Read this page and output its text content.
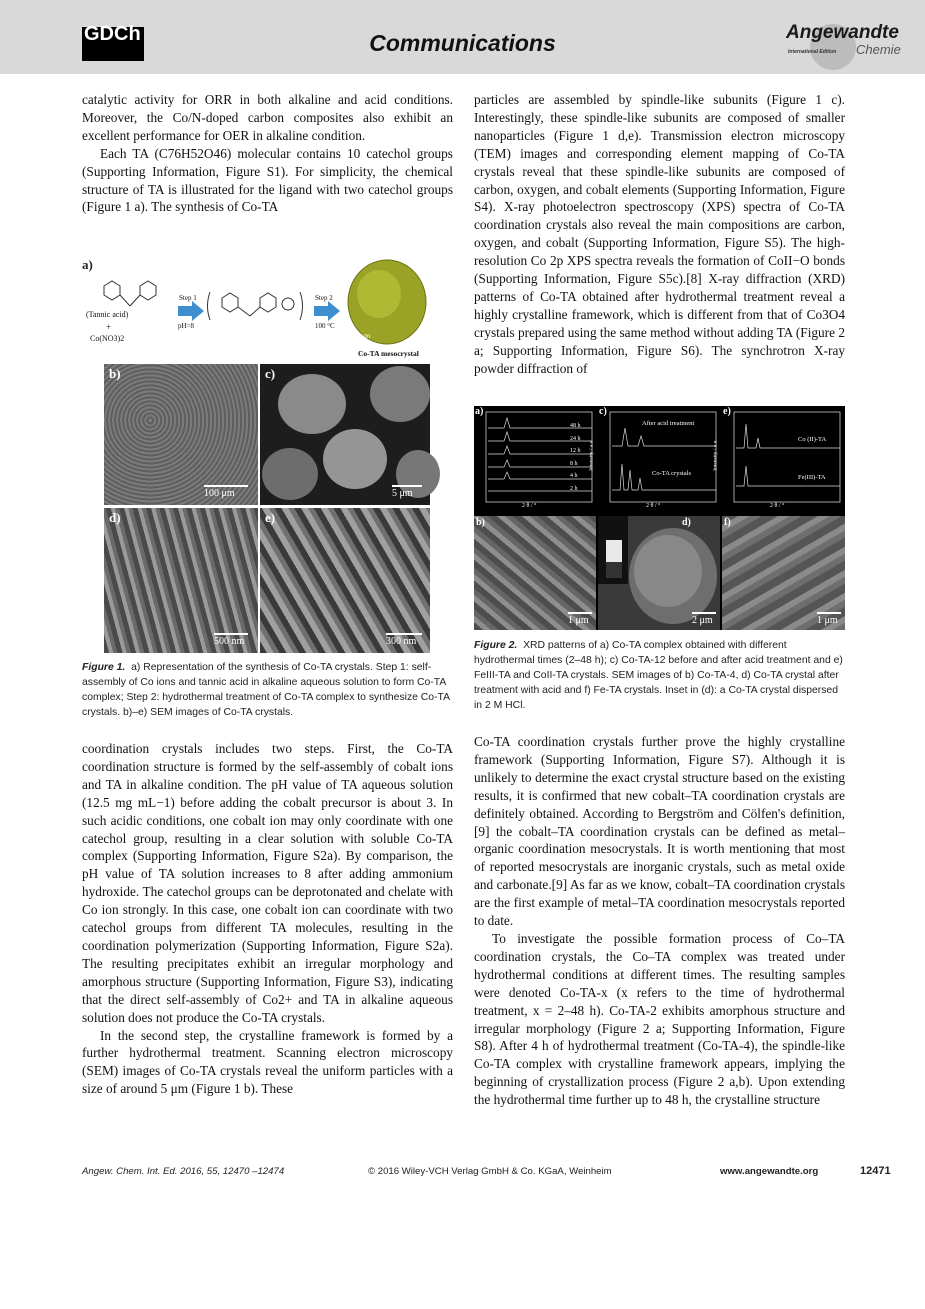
GDCh	Communications	Angewandte
International Edition Chemie

catalytic activity for ORR in both alkaline and acid conditions. Moreover, the Co/N-doped carbon composites also exhibit an excellent performance for OER in alkaline condition.

Each TA (C76H52O46) molecular contains 10 catechol groups (Supporting Information, Figure S1). For simplicity, the chemical structure of TA is illustrated for the ligand with two catechol groups (Figure 1 a). The synthesis of Co-TA

a)
(Tannic acid)
+
Co(NO3)2
Step 1
pH=8
Step 2
100 °C
1 μm
Co-TA mesocrystal
b)
100 μm
c)
5 μm
d)
500 nm
e)
300 nm
Figure 1. a) Representation of the synthesis of Co-TA crystals. Step 1: self-assembly of Co ions and tannic acid in alkaline aqueous solution to form Co-TA complex; Step 2: hydrothermal treatment of Co-TA complex to synthesize Co-TA crystals. b)–e) SEM images of Co-TA crystals.

coordination crystals includes two steps. First, the Co-TA coordination structure is formed by the self-assembly of cobalt ions and TA in alkaline condition. The pH value of TA aqueous solution (12.5 mg mL−1) before adding the cobalt precursor is about 3. In such acidic conditions, one cobalt ion may only coordinate with one catechol group, resulting in a clear solution with soluble Co-TA complex (Supporting Information, Figure S2a). By comparison, the pH value of TA solution increases to 8 after adding ammonium hydroxide. The catechol groups can be deprotonated and chelate with Co ion strongly. In this case, one cobalt ion can coordinate with two catechol groups from different TA molecules, resulting in the coordination polymerization (Supporting Information, Figure S2a). The resulting precipitates exhibit an irregular morphology and amorphous structure (Supporting Information, Figure S3), indicating that the direct self-assembly of Co2+ and TA in alkaline aqueous solution does not produce the Co-TA crystals.

In the second step, the crystalline framework is formed by a further hydrothermal treatment. Scanning electron microscopy (SEM) images of Co-TA crystals reveal the uniform particles with a size of around 5 μm (Figure 1 b). These

particles are assembled by spindle-like subunits (Figure 1 c). Interestingly, these spindle-like subunits are composed of smaller nanoparticles (Figure 1 d,e). Transmission electron microscopy (TEM) images and corresponding element mapping of Co-TA crystals reveal that these spindle-like subunits are composed of carbon, oxygen, and cobalt elements (Supporting Information, Figure S4). X-ray photoelectron spectroscopy (XPS) spectra of Co-TA coordination crystals also reveal the main compositions are carbon, oxygen, and cobalt (Supporting Information, Figure S5). The high-resolution Co 2p XPS spectra reveals the formation of CoII−O bonds (Supporting Information, Figure S5c).[8] X-ray diffraction (XRD) patterns of Co-TA obtained after hydrothermal treatment reveal a highly crystalline framework, which is different from that of Co3O4 crystals prepared using the same method without adding TA (Figure 2 a; Supporting Information, Figure S6). The synchrotron X-ray powder diffraction of

a)
48 h
24 h
12 h
8 h
4 h
2 h
2 θ / °
Intensity / a.u.
c)
After acid treatment
Co-TA crystals
2 θ / °
Intensity / a.u.
e)
Co (II)-TA
Fe(III)-TA
2 θ / °
Intensity / a.u.
b)
1 μm
d)
2 μm
f)
1 μm
Figure 2. XRD patterns of a) Co-TA complex obtained with different hydrothermal times (2–48 h); c) Co-TA-12 before and after acid treatment and e) FeIII-TA and CoII-TA crystals. SEM images of b) Co-TA-4, d) Co-TA crystal after treatment with acid and f) Fe-TA crystals. Inset in (d): a Co-TA crystal dispersed in 2 M HCl.

Co-TA coordination crystals further prove the highly crystalline framework (Supporting Information, Figure S7). Although it is unlikely to determine the exact crystal structure based on the existing results, it is confirmed that new cobalt–TA coordination crystals are definitely obtained. According to Bergström and Cölfen's definition,[9] the cobalt–TA coordination crystals can be defined as metal–organic coordination mesocrystals. It is worth mentioning that most of reported mesocrystals are inorganic crystals, such as metal oxide and carbonate.[9] As far as we know, cobalt–TA coordination crystals are the first example of metal–TA coordination mesocrystals reported to date.

To investigate the possible formation process of Co–TA coordination crystals, the Co–TA complex was treated under hydrothermal conditions at different times. The resulting samples were denoted Co-TA-x (x refers to the time of hydrothermal treatment, x = 2–48 h). Co-TA-2 exhibits amorphous structure and irregular morphology (Figure 2 a; Supporting Information, Figure S8). After 4 h of hydrothermal treatment (Co-TA-4), the spindle-like Co-TA complex with crystalline framework appears, implying the beginning of crystallization process (Figure 2 a,b). Upon extending the hydrothermal time further up to 48 h, the crystalline structure

Angew. Chem. Int. Ed. 2016, 55, 12470 –12474	© 2016 Wiley-VCH Verlag GmbH & Co. KGaA, Weinheim	www.angewandte.org	12471
